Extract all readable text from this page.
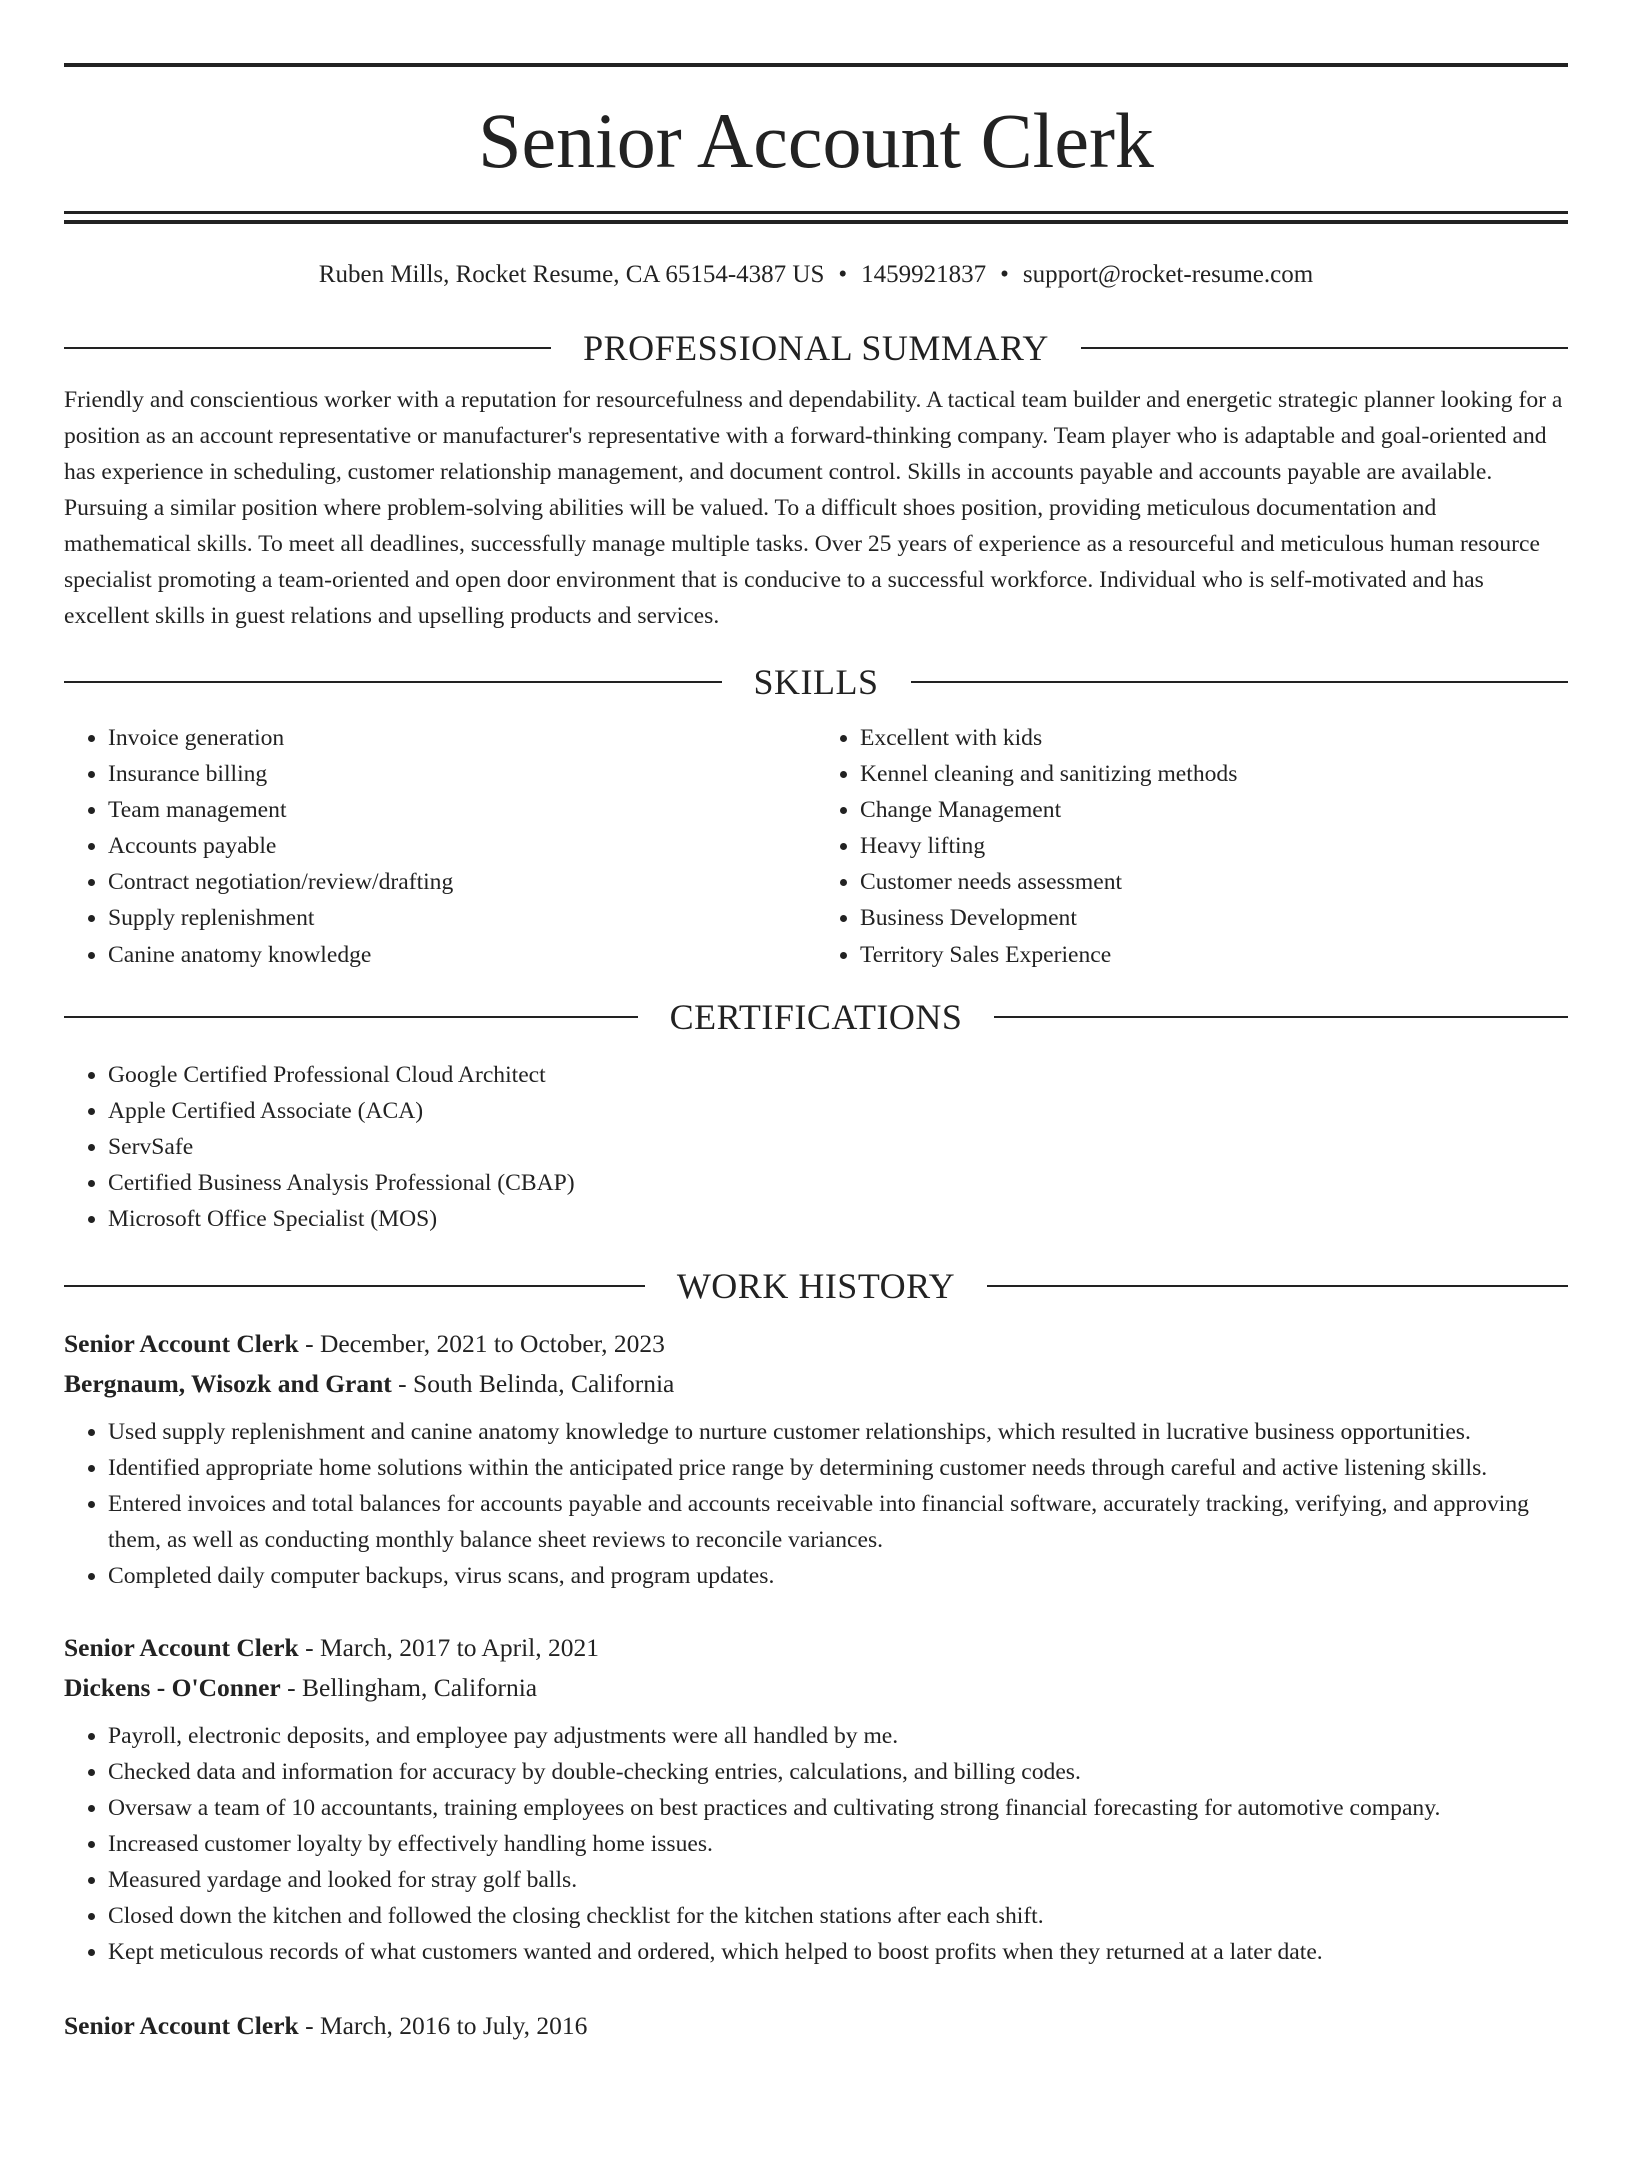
Senior Account Clerk
Ruben Mills, Rocket Resume, CA 65154-4387 US • 1459921837 • support@rocket-resume.com
PROFESSIONAL SUMMARY

Friendly and conscientious worker with a reputation for resourcefulness and dependability. A tactical team builder and energetic strategic planner looking for a position as an account representative or manufacturer's representative with a forward-thinking company. Team player who is adaptable and goal-oriented and has experience in scheduling, customer relationship management, and document control. Skills in accounts payable and accounts payable are available. Pursuing a similar position where problem-solving abilities will be valued. To a difficult shoes position, providing meticulous documentation and mathematical skills. To meet all deadlines, successfully manage multiple tasks. Over 25 years of experience as a resourceful and meticulous human resource specialist promoting a team-oriented and open door environment that is conducive to a successful workforce. Individual who is self-motivated and has excellent skills in guest relations and upselling products and services.

SKILLS
• Invoice generation
• Insurance billing
• Team management
• Accounts payable
• Contract negotiation/review/drafting
• Supply replenishment
• Canine anatomy knowledge
• Excellent with kids
• Kennel cleaning and sanitizing methods
• Change Management
• Heavy lifting
• Customer needs assessment
• Business Development
• Territory Sales Experience
CERTIFICATIONS
• Google Certified Professional Cloud Architect
• Apple Certified Associate (ACA)
• ServSafe
• Certified Business Analysis Professional (CBAP)
• Microsoft Office Specialist (MOS)
WORK HISTORY
Senior Account Clerk - December, 2021 to October, 2023
Bergnaum, Wisozk and Grant - South Belinda, California
• Used supply replenishment and canine anatomy knowledge to nurture customer relationships, which resulted in lucrative business opportunities.
• Identified appropriate home solutions within the anticipated price range by determining customer needs through careful and active listening skills.
• Entered invoices and total balances for accounts payable and accounts receivable into financial software, accurately tracking, verifying, and approving them, as well as conducting monthly balance sheet reviews to reconcile variances.
• Completed daily computer backups, virus scans, and program updates.
Senior Account Clerk - March, 2017 to April, 2021
Dickens - O'Conner - Bellingham, California
• Payroll, electronic deposits, and employee pay adjustments were all handled by me.
• Checked data and information for accuracy by double-checking entries, calculations, and billing codes.
• Oversaw a team of 10 accountants, training employees on best practices and cultivating strong financial forecasting for automotive company.
• Increased customer loyalty by effectively handling home issues.
• Measured yardage and looked for stray golf balls.
• Closed down the kitchen and followed the closing checklist for the kitchen stations after each shift.
• Kept meticulous records of what customers wanted and ordered, which helped to boost profits when they returned at a later date.
Senior Account Clerk - March, 2016 to July, 2016
